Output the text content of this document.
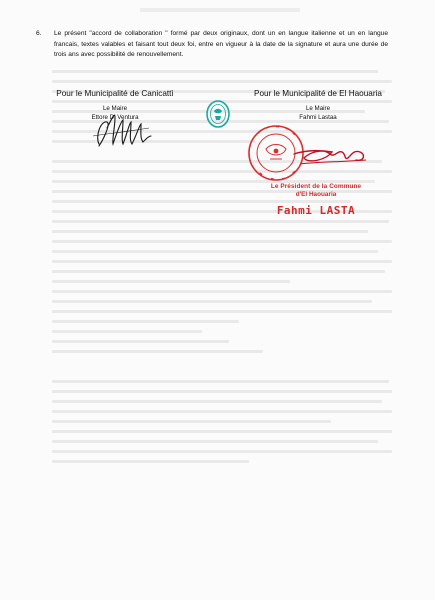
6. Le présent "accord de collaboration " formé par deux originaux, dont un en langue italienne et un en langue francais, textes valables et faisant tout deux foi, entre en vigueur à la date de la signature et aura une durée de trois ans avec possibilité de renouvellement.
Pour le Municipalité de Canicattì
Le Maire
Ettore Di Ventura
Pour le Municipalité de El Haouaria
Le Maire
Fahmi Lastaa
Le Président de la Commune
d'El Haouaria
Fahmi LASTA
